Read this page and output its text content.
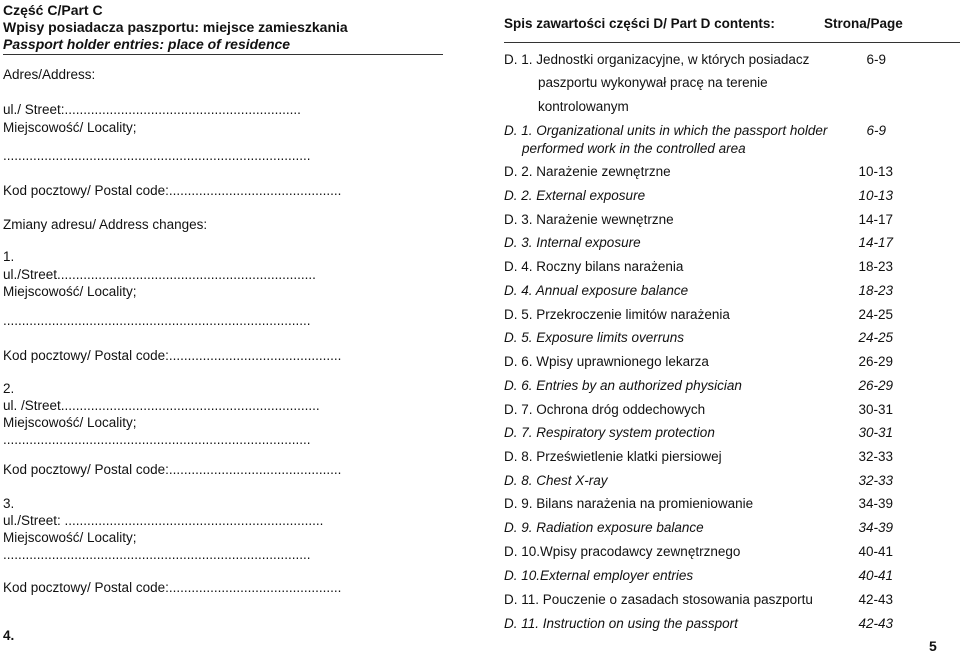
Część C/Part C
Wpisy posiadacza paszportu: miejsce zamieszkania
Passport holder entries: place of residence
Adres/Address:
ul./ Street:...............................................................
Miejscowość/ Locality;
..................................................................................
Kod pocztowy/ Postal code:..............................................
Zmiany adresu/ Address changes:
1.
ul./Street.....................................................................
Miejscowość/ Locality;
..................................................................................
Kod pocztowy/ Postal code:..............................................
2.
ul. /Street.....................................................................
Miejscowość/ Locality;
..................................................................................
Kod pocztowy/ Postal code:..............................................
3.
ul./Street: .....................................................................
Miejscowość/ Locality;
..................................................................................
Kod pocztowy/ Postal code:..............................................
4.
Spis zawartości części D/ Part D contents:	Strona/Page
D. 1. Jednostki organizacyjne, w których posiadacz	6-9
paszportu wykonywał pracę na terenie
kontrolowanym
D. 1. Organizational units in which the passport holder	6-9
performed work in the controlled area
D. 2. Narażenie zewnętrzne	10-13
D. 2. External exposure	10-13
D. 3. Narażenie wewnętrzne	14-17
D. 3. Internal exposure	14-17
D. 4. Roczny bilans narażenia	18-23
D. 4. Annual exposure balance	18-23
D. 5. Przekroczenie limitów narażenia	24-25
D. 5. Exposure limits overruns	24-25
D. 6. Wpisy uprawnionego lekarza	26-29
D. 6. Entries by an authorized physician	26-29
D. 7. Ochrona dróg oddechowych	30-31
D. 7. Respiratory system protection	30-31
D. 8. Prześwietlenie klatki piersiowej	32-33
D. 8. Chest X-ray	32-33
D. 9. Bilans narażenia na promieniowanie	34-39
D. 9. Radiation exposure balance	34-39
D. 10.Wpisy pracodawcy zewnętrznego	40-41
D. 10.External employer entries	40-41
D. 11. Pouczenie o zasadach stosowania paszportu	42-43
D. 11. Instruction on using the passport	42-43
5
